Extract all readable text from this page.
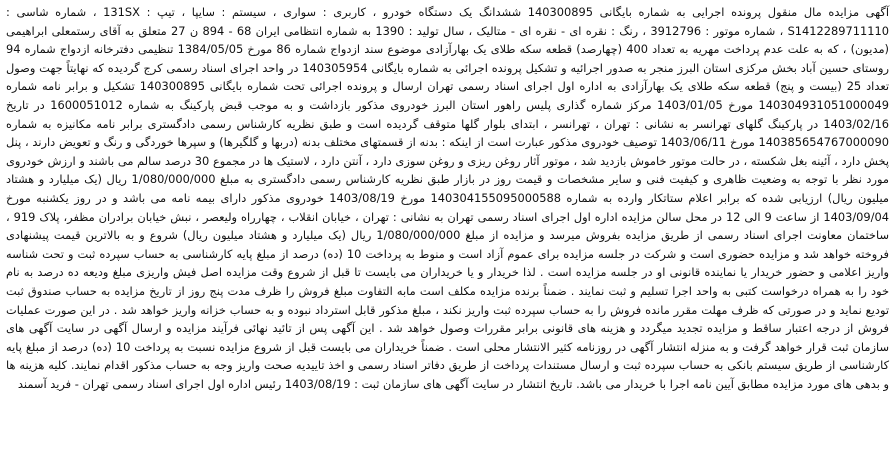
آگهی مزایده مال منقول پرونده اجرایی به شماره بایگانی 140300895 ششدانگ یک دستگاه خودرو ، کاربری : سواری ، سیستم : سایپا ، تیپ : 131SX ، شماره شاسی : S1412289711110 ، شماره موتور : 3912796 ، رنگ : نقره ای - نقره ای - متالیک ، سال تولید : 1390 به شماره انتظامی ایران 68 - 894 ن 27 متعلق به آقای رستمعلی ابراهیمی (مدیون) ، که به علت عدم پرداخت مهریه به تعداد 400 (چهارصد) قطعه سکه طلای یک بهارآزادی موضوع سند ازدواج شماره 86 مورخ 1384/05/05 تنظیمی دفترخانه ازدواج شماره 94 روستای حسین آباد بخش مرکزی استان البرز منجر به صدور اجرائیه و تشکیل پرونده اجرائی به شماره بایگانی 140305954 در واحد اجرای اسناد رسمی کرج گردیده که نهایتاً جهت وصول تعداد 25 (بیست و پنج) قطعه سکه طلای یک بهارآزادی به اداره اول اجرای اسناد رسمی تهران ارسال و پرونده اجرائی تحت شماره بایگانی 140300895 تشکیل و برابر نامه شماره 140304931051000049 مورخ 1403/01/05 مرکز شماره گذاری پلیس راهور استان البرز خودروی مذکور بازداشت و به موجب قبض پارکینگ به شماره 1600051012 در تاریخ 1403/02/16 در پارکینگ گلهای تهرانسر به نشانی : تهران ، تهرانسر ، ابتدای بلوار گلها متوقف گردیده است و طبق نظریه کارشناس رسمی دادگستری برابر نامه مکانیزه به شماره 140385654767000090 مورخ 1403/06/11 توصیف خودروی مذکور عبارت است از اینکه : بدنه از قسمتهای مختلف بدنه (دربها و گلگیرها) و سپرها خوردگی و رنگ و تعویض دارند ، پنل پخش دارد ، آئینه بغل شکسته ، در حالت موتور خاموش بازدید شد ، موتور آثار روغن ریزی و روغن سوزی دارد ، آنتن دارد ، لاستیک ها در مجموع 30 درصد سالم می باشند و ارزش خودروی مورد نظر با توجه به وضعیت ظاهری و کیفیت فنی و سایر مشخصات و قیمت روز در بازار طبق نظریه کارشناس رسمی دادگستری به مبلغ 1/080/000/000 ریال (یک میلیارد و هشتاد میلیون ریال) ارزیابی شده که برابر اعلام ستاتکار وارده به شماره 140304155095000588 مورخ 1403/08/19 خودروی مذکور دارای بیمه نامه می باشد و در روز یکشنبه مورخ 1403/09/04 از ساعت 9 الی 12 در محل سالن مزایده اداره اول اجرای اسناد رسمی تهران به نشانی : تهران ، خیابان انقلاب ، چهارراه ولیعصر ، نبش خیابان برادران مظفر، پلاک 919 ، ساختمان معاونت اجرای اسناد رسمی از طریق مزایده بفروش میرسد و مزایده از مبلغ 1/080/000/000 ریال (یک میلیارد و هشتاد میلیون ریال) شروع و به بالاترین قیمت پیشنهادی فروخته خواهد شد و مزایده حضوری است و شرکت در جلسه مزایده برای عموم آزاد است و منوط به پرداخت 10 (ده) درصد از مبلغ پایه کارشناسی به حساب سپرده ثبت و تحت شناسه واریز اعلامی و حضور خریدار یا نماینده قانونی او در جلسه مزایده است . لذا خریدار و یا خریداران می بایست تا قبل از شروع وقت مزایده اصل فیش واریزی مبلغ ودیعه ده درصد به نام خود را به همراه درخواست کتبی به واحد اجرا تسلیم و ثبت نمایند . ضمناً برنده مزایده مکلف است مابه التفاوت مبلغ فروش را ظرف مدت پنج روز از تاریخ مزایده به حساب صندوق ثبت تودیع نماید و در صورتی که ظرف مهلت مقرر مانده فروش را به حساب سپرده ثبت واریز نکند ، مبلغ مذکور قابل استرداد نبوده و به حساب خزانه واریز خواهد شد . در این صورت عملیات فروش از درجه اعتبار ساقط و مزایده تجدید میگردد و هزینه های قانونی برابر مقررات وصول خواهد شد . این آگهی پس از تائید نهائی فرآیند مزایده و ارسال آگهی در سایت آگهی های سازمان ثبت قرار خواهد گرفت و به منزله انتشار آگهی در روزنامه کثیر الانتشار محلی است . ضمناً خریداران می بایست قبل از شروع مزایده نسبت به پرداخت 10 (ده) درصد از مبلغ پایه کارشناسی از طریق سیستم بانکی به حساب سپرده ثبت و ارسال مستندات پرداخت از طریق دفاتر اسناد رسمی و اخذ تاییدیه صحت واریز وجه به حساب مذکور اقدام نمایند. کلیه هزینه ها و بدهی های مورد مزایده مطابق آیین نامه اجرا با خریدار می باشد. تاریخ انتشار در سایت آگهی های سازمان ثبت : 1403/08/19 رئیس اداره اول اجرای اسناد رسمی تهران - فرید آسمند
